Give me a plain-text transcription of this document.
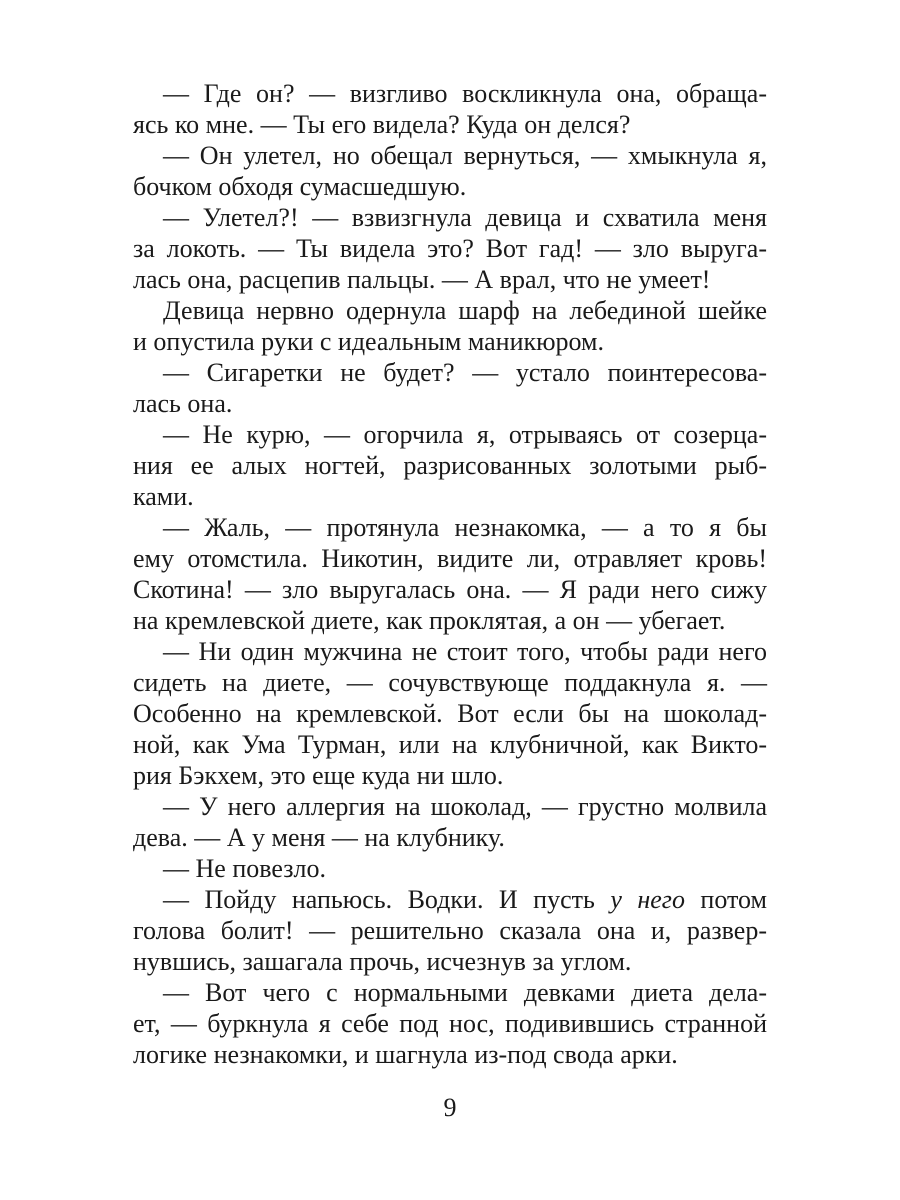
— Где он? — визгливо воскликнула она, обраща-
ясь ко мне. — Ты его видела? Куда он делся?
— Он улетел, но обещал вернуться, — хмыкнула я,
бочком обходя сумасшедшую.
— Улетел?! — взвизгнула девица и схватила меня
за локоть. — Ты видела это? Вот гад! — зло выруга-
лась она, расцепив пальцы. — А врал, что не умеет!
Девица нервно одернула шарф на лебединой шейке
и опустила руки с идеальным маникюром.
— Сигаретки не будет? — устало поинтересова-
лась она.
— Не курю, — огорчила я, отрываясь от созерца-
ния ее алых ногтей, разрисованных золотыми рыб-
ками.
— Жаль, — протянула незнакомка, — а то я бы
ему отомстила. Никотин, видите ли, отравляет кровь!
Скотина! — зло выругалась она. — Я ради него сижу
на кремлевской диете, как проклятая, а он — убегает.
— Ни один мужчина не стоит того, чтобы ради него
сидеть на диете, — сочувствующе поддакнула я. —
Особенно на кремлевской. Вот если бы на шоколад-
ной, как Ума Турман, или на клубничной, как Викто-
рия Бэкхем, это еще куда ни шло.
— У него аллергия на шоколад, — грустно молвила
дева. — А у меня — на клубнику.
— Не повезло.
— Пойду напьюсь. Водки. И пусть у него потом
голова болит! — решительно сказала она и, развер-
нувшись, зашагала прочь, исчезнув за углом.
— Вот чего с нормальными девками диета дела-
ет, — буркнула я себе под нос, подивившись странной
логике незнакомки, и шагнула из-под свода арки.
9
